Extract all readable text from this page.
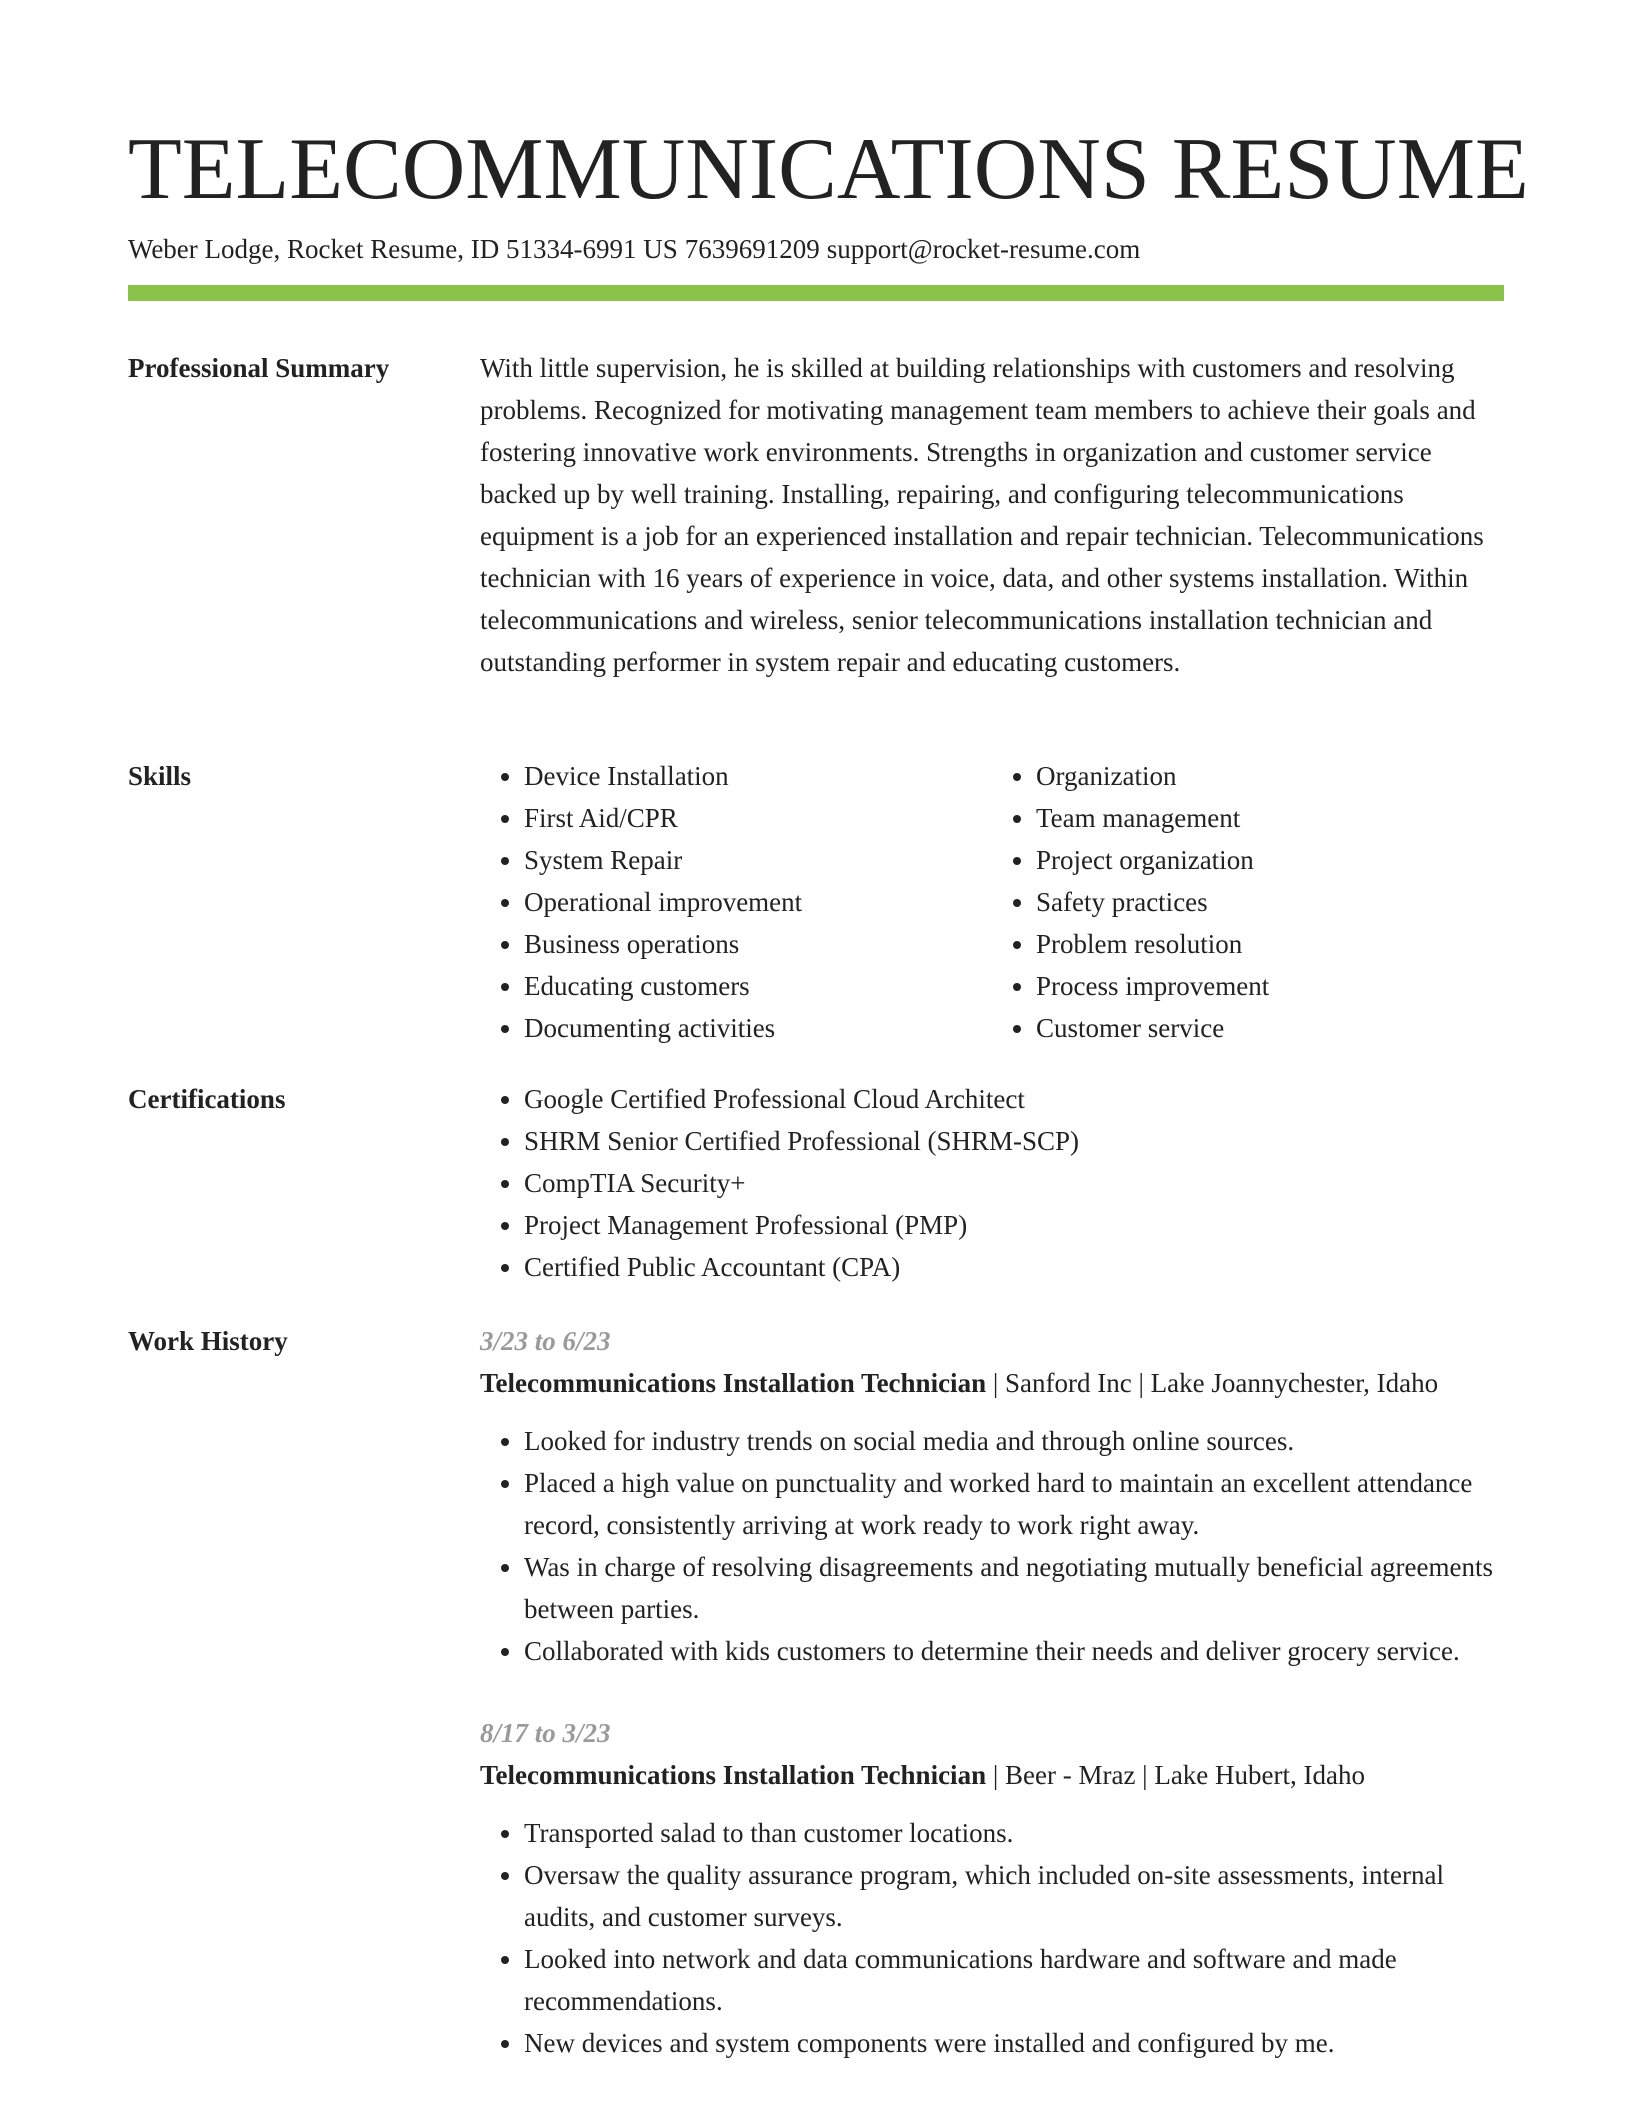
TELECOMMUNICATIONS RESUME
Weber Lodge, Rocket Resume, ID 51334-6991 US 7639691209 support@rocket-resume.com
Professional Summary	With little supervision, he is skilled at building relationships with customers and resolving problems. Recognized for motivating management team members to achieve their goals and fostering innovative work environments. Strengths in organization and customer service backed up by well training. Installing, repairing, and configuring telecommunications equipment is a job for an experienced installation and repair technician. Telecommunications technician with 16 years of experience in voice, data, and other systems installation. Within telecommunications and wireless, senior telecommunications installation technician and outstanding performer in system repair and educating customers.

Skills	• Device Installation
• First Aid/CPR
• System Repair
• Operational improvement
• Business operations
• Educating customers
• Documenting activities
• Organization
• Team management
• Project organization
• Safety practices
• Problem resolution
• Process improvement
• Customer service
Certifications	• Google Certified Professional Cloud Architect
• SHRM Senior Certified Professional (SHRM-SCP)
• CompTIA Security+
• Project Management Professional (PMP)
• Certified Public Accountant (CPA)
Work History	3/23 to 6/23
Telecommunications Installation Technician | Sanford Inc | Lake Joannychester, Idaho
• Looked for industry trends on social media and through online sources.
• Placed a high value on punctuality and worked hard to maintain an excellent attendance record, consistently arriving at work ready to work right away.
• Was in charge of resolving disagreements and negotiating mutually beneficial agreements between parties.
• Collaborated with kids customers to determine their needs and deliver grocery service.
8/17 to 3/23
Telecommunications Installation Technician | Beer - Mraz | Lake Hubert, Idaho
• Transported salad to than customer locations.
• Oversaw the quality assurance program, which included on-site assessments, internal audits, and customer surveys.
• Looked into network and data communications hardware and software and made recommendations.
• New devices and system components were installed and configured by me.
